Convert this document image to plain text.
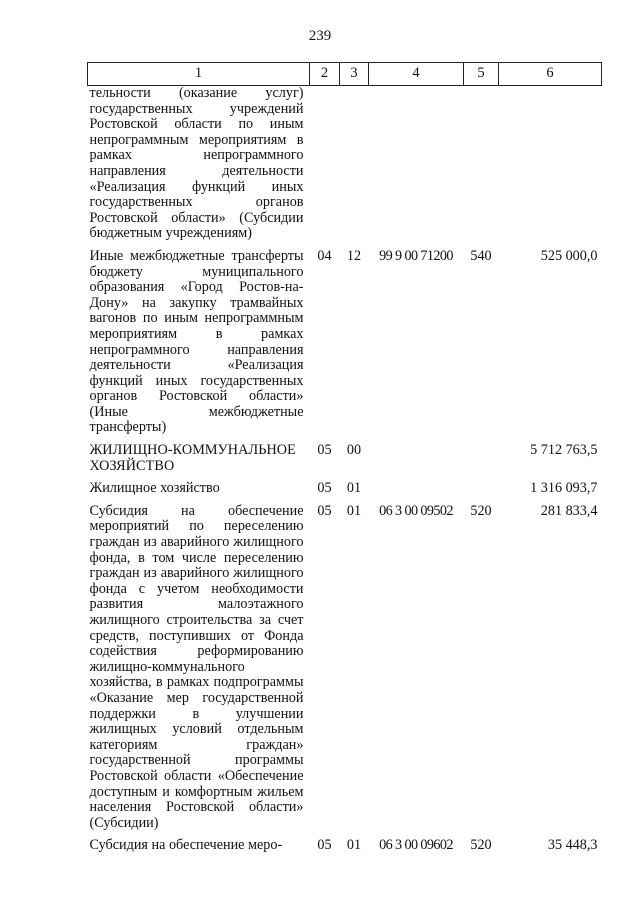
239
1	2	3	4	5	6
тельности (оказание услуг) государственных учреждений Ростовской области по иным непрограммным мероприятиям в рамках непрограммного направления деятельности «Реализация функций иных государственных органов Ростовской области» (Субсидии бюджетным учреждениям)					
Иные межбюджетные трансферты бюджету муниципального образования «Город Ростов-на-Дону» на закупку трамвайных вагонов по иным непрограммным мероприятиям в рамках непрограммного направления деятельности «Реализация функций иных государственных органов Ростовской области» (Иные межбюджетные трансферты)	04	12	99 9 00 71200	540	525 000,0
ЖИЛИЩНО-КОММУНАЛЬНОЕ ХОЗЯЙСТВО	05	00			5 712 763,5
Жилищное хозяйство	05	01			1 316 093,7
Субсидия на обеспечение мероприятий по переселению граждан из аварийного жилищного фонда, в том числе переселению граждан из аварийного жилищного фонда с учетом необходимости развития малоэтажного жилищного строительства за счет средств, поступивших от Фонда содействия реформированию жилищно-коммунального хозяйства, в рамках подпрограммы «Оказание мер государственной поддержки в улучшении жилищных условий отдельным категориям граждан» государственной программы Ростовской области «Обеспечение доступным и комфортным жильем населения Ростовской области» (Субсидии)	05	01	06 3 00 09502	520	281 833,4
Субсидия на обеспечение меро-	05	01	06 3 00 09602	520	35 448,3
